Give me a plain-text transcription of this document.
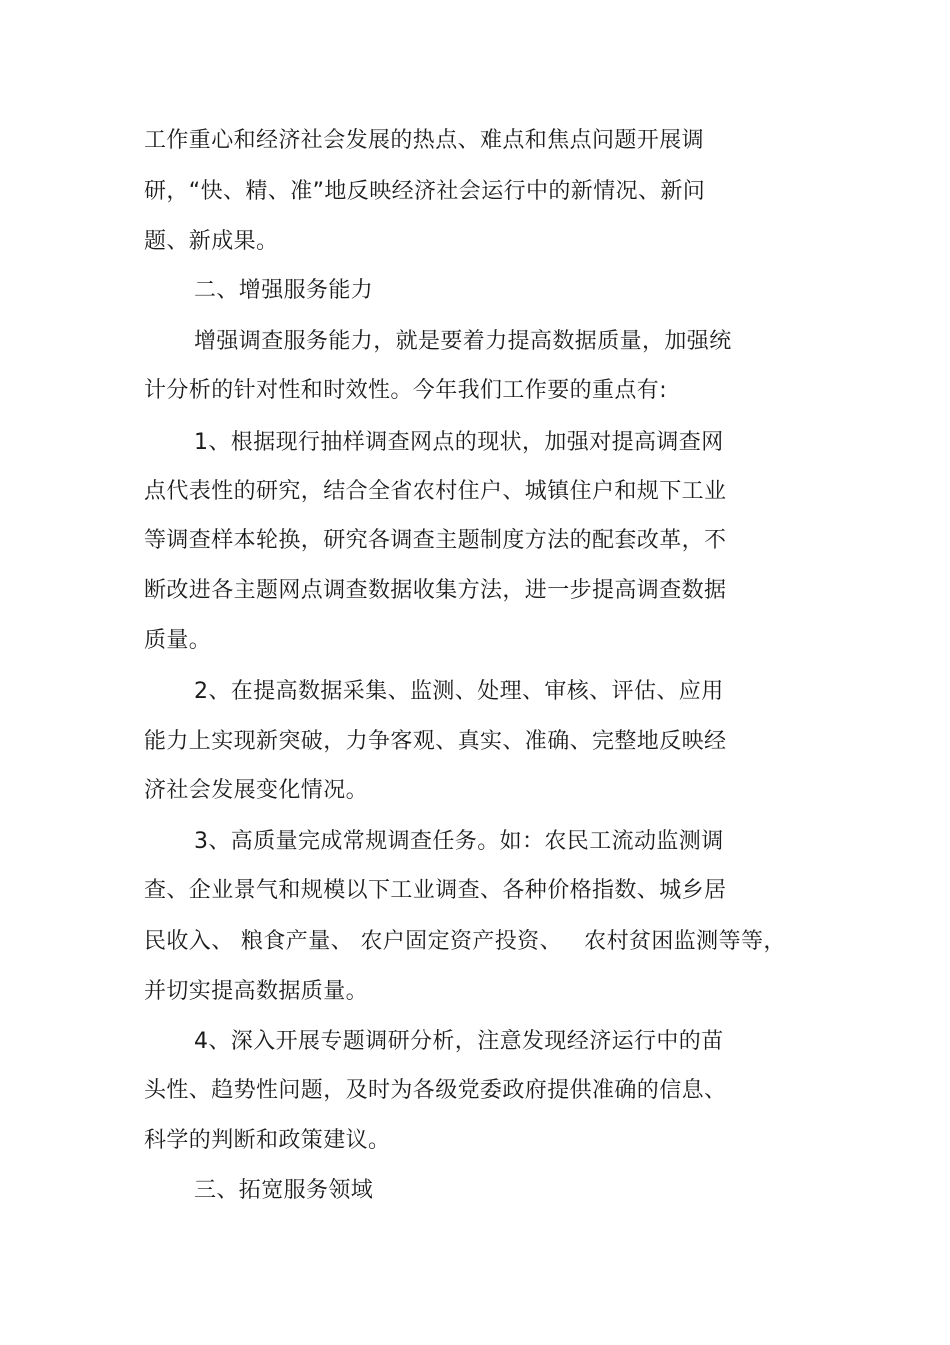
工作重心和经济社会发展的热点、难点和焦点问题开展调
研，“快、精、准”地反映经济社会运行中的新情况、新问
题、新成果。
二、增强服务能力
增强调查服务能力，就是要着力提高数据质量，加强统
计分析的针对性和时效性。今年我们工作要的重点有:
1、根据现行抽样调查网点的现状，加强对提高调查网
点代表性的研究，结合全省农村住户、城镇住户和规下工业
等调查样本轮换，研究各调查主题制度方法的配套改革，不
断改进各主题网点调查数据收集方法，进一步提高调查数据
质量。
2、在提高数据采集、监测、处理、审核、评估、应用
能力上实现新突破，力争客观、真实、准确、完整地反映经
济社会发展变化情况。
3、高质量完成常规调查任务。如：农民工流动监测调
查、企业景气和规模以下工业调查、各种价格指数、城乡居
民收入、 粮食产量、 农户固定资产投资、   农村贫困监测等等，
并切实提高数据质量。
4、深入开展专题调研分析，注意发现经济运行中的苗
头性、趋势性问题，及时为各级党委政府提供准确的信息、
科学的判断和政策建议。
三、拓宽服务领域
